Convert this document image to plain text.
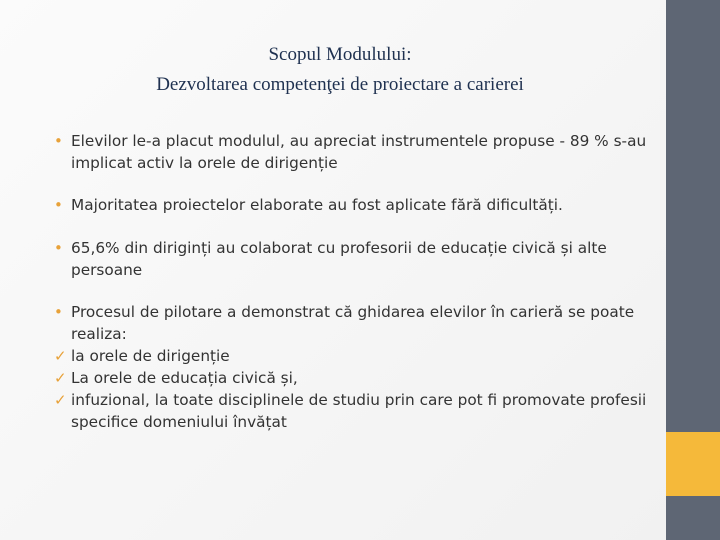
Scopul Modulului:
Dezvoltarea competenţei de proiectare a carierei

• Elevilor le-a placut modulul, au apreciat instrumentele propuse - 89 % s-au implicat activ la orele de dirigenție

• Majoritatea proiectelor elaborate au fost aplicate fără dificultăți.

• 65,6% din diriginți au colaborat cu profesorii de educație civică și alte persoane

• Procesul de pilotare a demonstrat că ghidarea elevilor în carieră se poate realiza:

✓ la orele de dirigenție

✓ La orele de educația civică și,

✓ infuzional, la toate disciplinele de studiu prin care pot fi promovate profesii specifice domeniului învățat
